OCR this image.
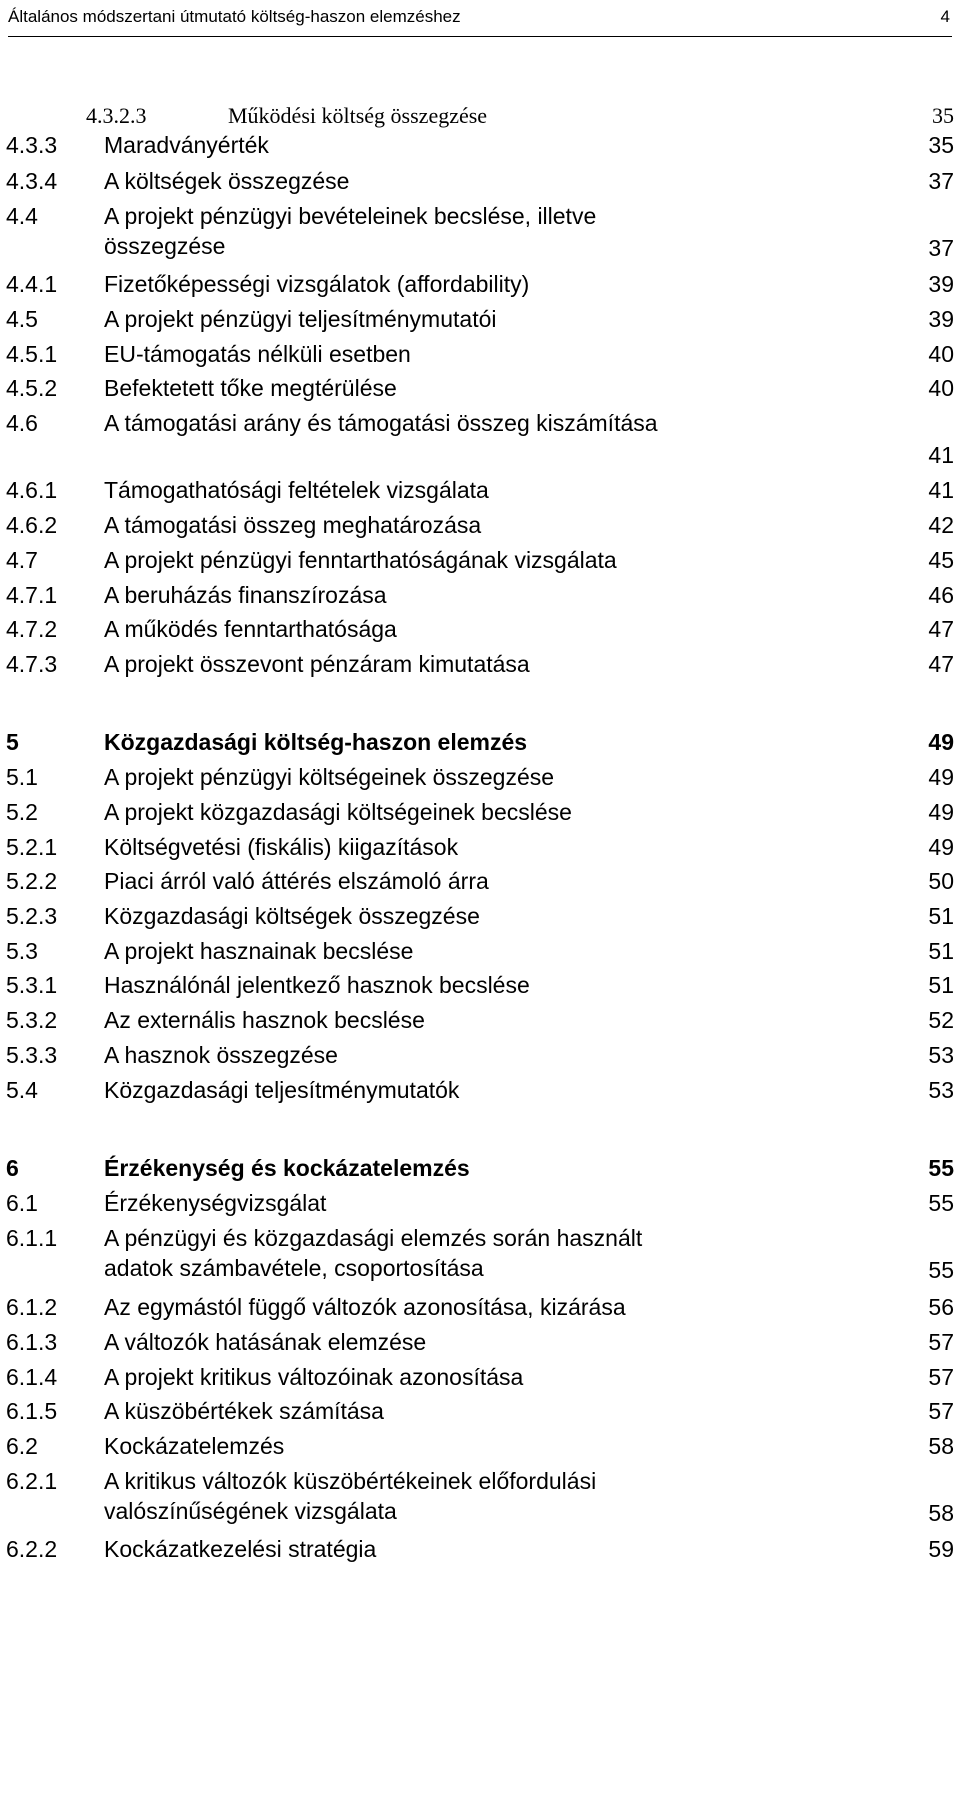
Általános módszertani útmutató költség-haszon elemzéshez	4
4.3.2.3	Működési költség összegzése	35
4.3.3 Maradványérték	35
4.3.4 A költségek összegzése	37
4.4	A projekt pénzügyi bevételeinek becslése, illetve összegzése	37
4.4.1 Fizetőképességi vizsgálatok (affordability)	39
4.5	A projekt pénzügyi teljesítménymutatói	39
4.5.1 EU-támogatás nélküli esetben	40
4.5.2 Befektetett tőke megtérülése	40
4.6	A támogatási arány és támogatási összeg kiszámítása
41
4.6.1 Támogathatósági feltételek vizsgálata	41
4.6.2 A támogatási összeg meghatározása	42
4.7	A projekt pénzügyi fenntarthatóságának vizsgálata	45
4.7.1 A beruházás finanszírozása	46
4.7.2 A működés fenntarthatósága	47
4.7.3 A projekt összevont pénzáram kimutatása	47
5	Közgazdasági költség-haszon elemzés	49
5.1	A projekt pénzügyi költségeinek összegzése	49
5.2	A projekt közgazdasági költségeinek becslése	49
5.2.1 Költségvetési (fiskális) kiigazítások	49
5.2.2 Piaci árról való áttérés elszámoló árra	50
5.2.3 Közgazdasági költségek összegzése	51
5.3	A projekt hasznainak becslése	51
5.3.1 Használónál jelentkező hasznok becslése	51
5.3.2 Az externális hasznok becslése	52
5.3.3 A hasznok összegzése	53
5.4	Közgazdasági teljesítménymutatók	53
6	Érzékenység és kockázatelemzés	55
6.1	Érzékenységvizsgálat	55
6.1.1 A pénzügyi és közgazdasági elemzés során használt adatok számbavétele, csoportosítása	55
6.1.2 Az egymástól függő változók azonosítása, kizárása	56
6.1.3 A változók hatásának elemzése	57
6.1.4 A projekt kritikus változóinak azonosítása	57
6.1.5 A küszöbértékek számítása	57
6.2	Kockázatelemzés	58
6.2.1 A kritikus változók küszöbértékeinek előfordulási valószínűségének vizsgálata	58
6.2.2 Kockázatkezelési stratégia	59
